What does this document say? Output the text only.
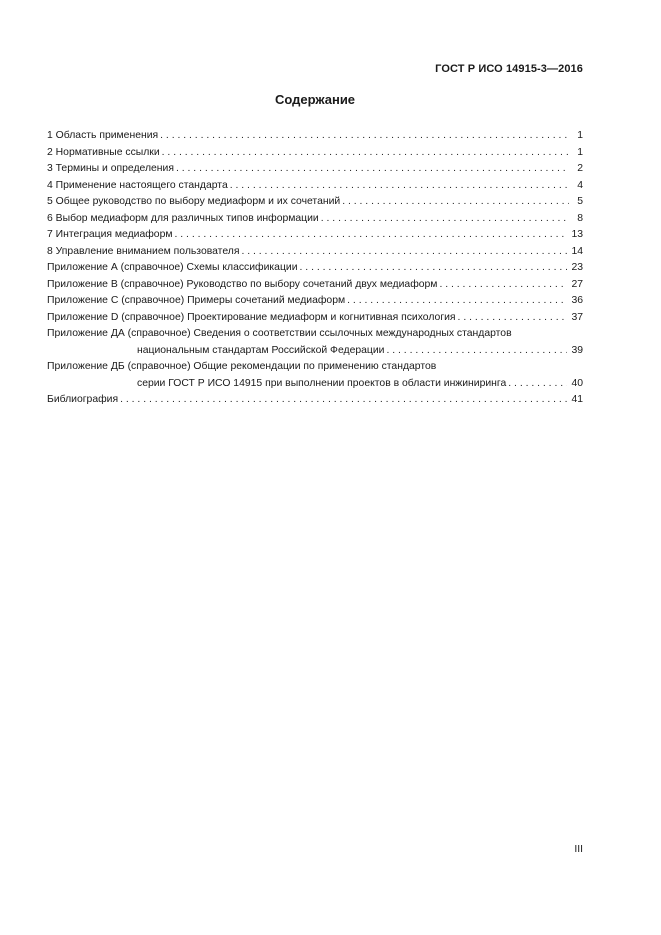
ГОСТ Р ИСО 14915-3—2016
Содержание
1 Область применения . . .	1
2 Нормативные ссылки . . .	1
3 Термины и определения . . .	2
4 Применение настоящего стандарта . . .	4
5 Общее руководство по выбору медиаформ и их сочетаний . . .	5
6 Выбор медиаформ для различных типов информации . . .	8
7 Интеграция медиаформ . . .	13
8 Управление вниманием пользователя . . .	14
Приложение А (справочное) Схемы классификации . . .	23
Приложение В (справочное) Руководство по выбору сочетаний двух медиаформ . . .	27
Приложение С (справочное) Примеры сочетаний медиаформ . . .	36
Приложение D (справочное) Проектирование медиаформ и когнитивная психология . . .	37
Приложение ДА (справочное) Сведения о соответствии ссылочных международных стандартов
национальным стандартам Российской Федерации . . .	39
Приложение ДБ (справочное) Общие рекомендации по применению стандартов
серии ГОСТ Р ИСО 14915 при выполнении проектов в области инжиниринга . . .	40
Библиография . . .	41
III
